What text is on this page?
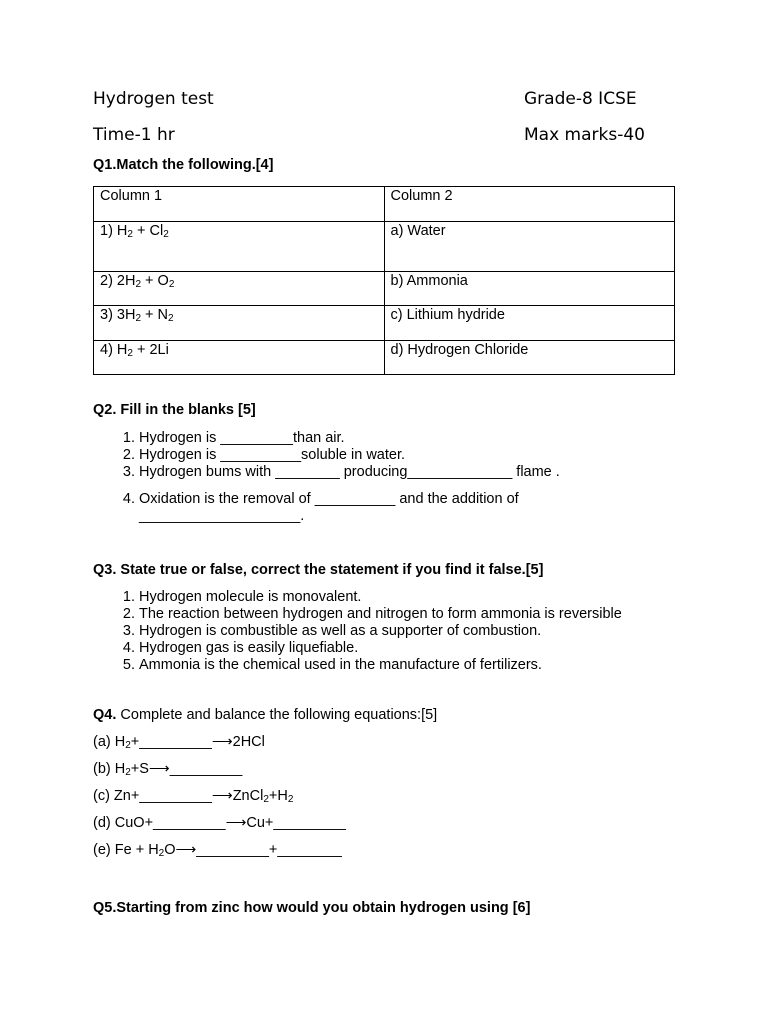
Hydrogen test	Grade-8 ICSE
Time-1 hr	Max marks-40
Q1.Match the following.[4]
Column 1	Column 2
1) $H_2 + Cl_2$	a) Water
2) $2H_2 + O_2$	b) Ammonia
3) $3H_2 + N_2$	c) Lithium hydride
4) $H_2 + 2Li$	d) Hydrogen Chloride
Q2. Fill in the blanks [5]
1. Hydrogen is _________than air.
2. Hydrogen is __________soluble in water.
3. Hydrogen bums with ________ producing_____________ flame .
4. Oxidation is the removal of __________ and the addition of ____________________.
Q3. State true or false, correct the statement if you find it false.[5]
1. Hydrogen molecule is monovalent.
2. The reaction between hydrogen and nitrogen to form ammonia is reversible
3. Hydrogen is combustible as well as a supporter of combustion.
4. Hydrogen gas is easily liquefiable.
5. Ammonia is the chemical used in the manufacture of fertilizers.
Q4. Complete and balance the following equations:[5]
(a) $H_2+\_\_\_\_\_\_\_\_\_⟶2HCl$
(b) $H_2+S⟶\_\_\_\_\_\_\_\_\_$
(c) $Zn+\_\_\_\_\_\_\_\_\_⟶ZnCl_2+H_2$
(d) CuO+_________⟶Cu+_________
(e) $Fe + H_2O⟶\_\_\_\_\_\_\_\_\_+\_\_\_\_\_\_\_\_$
Q5.Starting from zinc how would you obtain hydrogen using [6]
